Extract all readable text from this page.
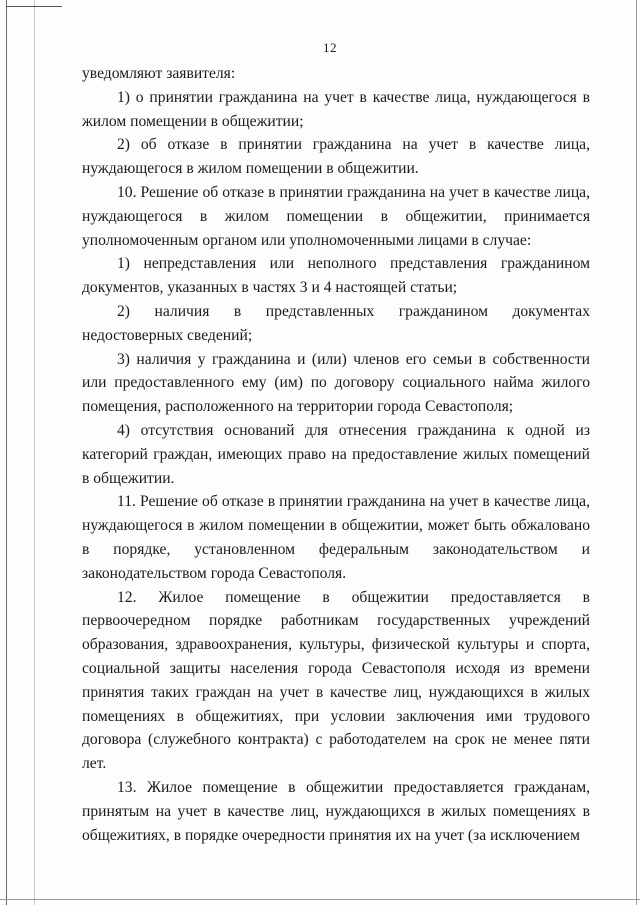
12

уведомляют заявителя:

1) о принятии гражданина на учет в качестве лица, нуждающегося в жилом помещении в общежитии;

2) об отказе в принятии гражданина на учет в качестве лица, нуждающегося в жилом помещении в общежитии.

10. Решение об отказе в принятии гражданина на учет в качестве лица, нуждающегося в жилом помещении в общежитии, принимается уполномоченным органом или уполномоченными лицами в случае:

1) непредставления или неполного представления гражданином документов, указанных в частях 3 и 4 настоящей статьи;

2) наличия в представленных гражданином документах недостоверных сведений;

3) наличия у гражданина и (или) членов его семьи в собственности или предоставленного ему (им) по договору социального найма жилого помещения, расположенного на территории города Севастополя;

4) отсутствия оснований для отнесения гражданина к одной из категорий граждан, имеющих право на предоставление жилых помещений в общежитии.

11. Решение об отказе в принятии гражданина на учет в качестве лица, нуждающегося в жилом помещении в общежитии, может быть обжаловано в порядке, установленном федеральным законодательством и законодательством города Севастополя.

12. Жилое помещение в общежитии предоставляется в первоочередном порядке работникам государственных учреждений образования, здравоохранения, культуры, физической культуры и спорта, социальной защиты населения города Севастополя исходя из времени принятия таких граждан на учет в качестве лиц, нуждающихся в жилых помещениях в общежитиях, при условии заключения ими трудового договора (служебного контракта) с работодателем на срок не менее пяти лет.

13. Жилое помещение в общежитии предоставляется гражданам, принятым на учет в качестве лиц, нуждающихся в жилых помещениях в общежитиях, в порядке очередности принятия их на учет (за исключением
